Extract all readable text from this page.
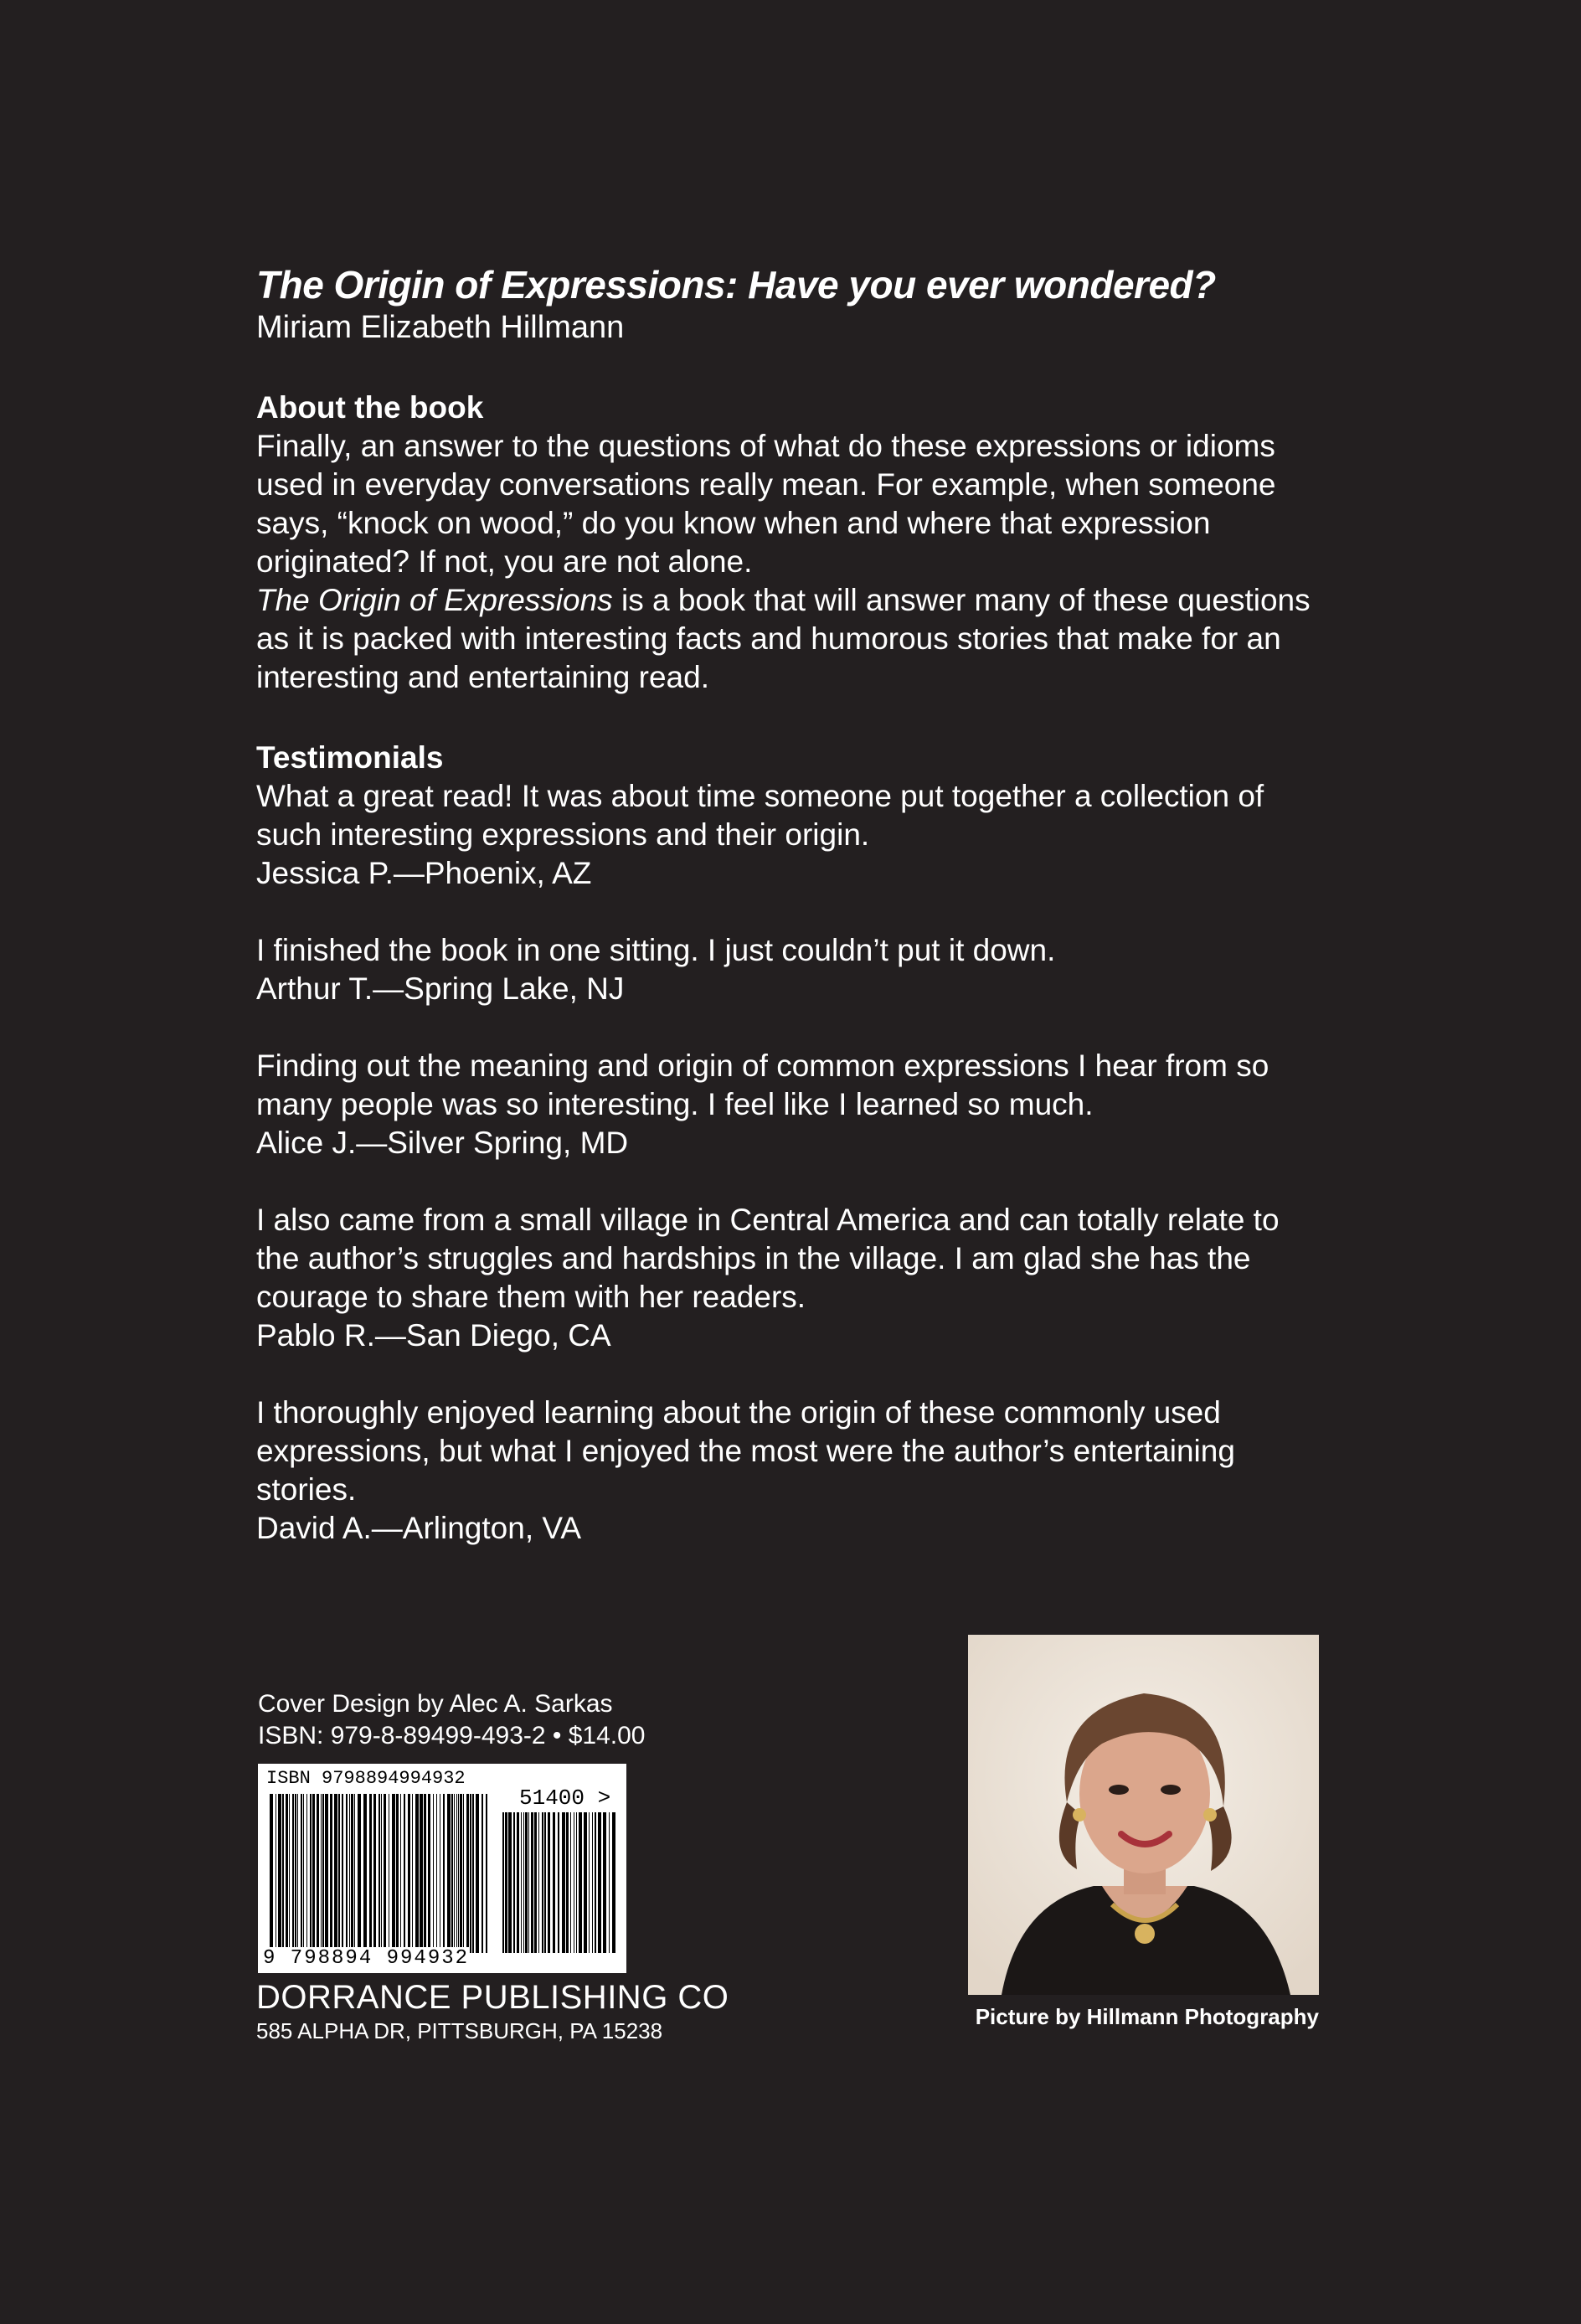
The Origin of Expressions: Have you ever wondered?

Miriam Elizabeth Hillmann

About the book

Finally, an answer to the questions of what do these expressions or idioms used in everyday conversations really mean. For example, when someone says, “knock on wood,” do you know when and where that expression originated? If not, you are not alone.

The Origin of Expressions is a book that will answer many of these questions as it is packed with interesting facts and humorous stories that make for an interesting and entertaining read.

Testimonials

What a great read! It was about time someone put together a collection of such interesting expressions and their origin.

Jessica P.—Phoenix, AZ

I finished the book in one sitting. I just couldn’t put it down.

Arthur T.—Spring Lake, NJ

Finding out the meaning and origin of common expressions I hear from so many people was so interesting. I feel like I learned so much.

Alice J.—Silver Spring, MD

I also came from a small village in Central America and can totally relate to the author’s struggles and hardships in the village. I am glad she has the courage to share them with her readers.

Pablo R.—San Diego, CA

I thoroughly enjoyed learning about the origin of these commonly used expressions, but what I enjoyed the most were the author’s entertaining stories.

David A.—Arlington, VA

Cover Design by Alec A. Sarkas
ISBN: 979-8-89499-493-2 • $14.00
ISBN 9798894994932
51400 >
9 798894 994932
DORRANCE PUBLISHING CO
585 ALPHA DR, PITTSBURGH, PA 15238
Picture by Hillmann Photography
